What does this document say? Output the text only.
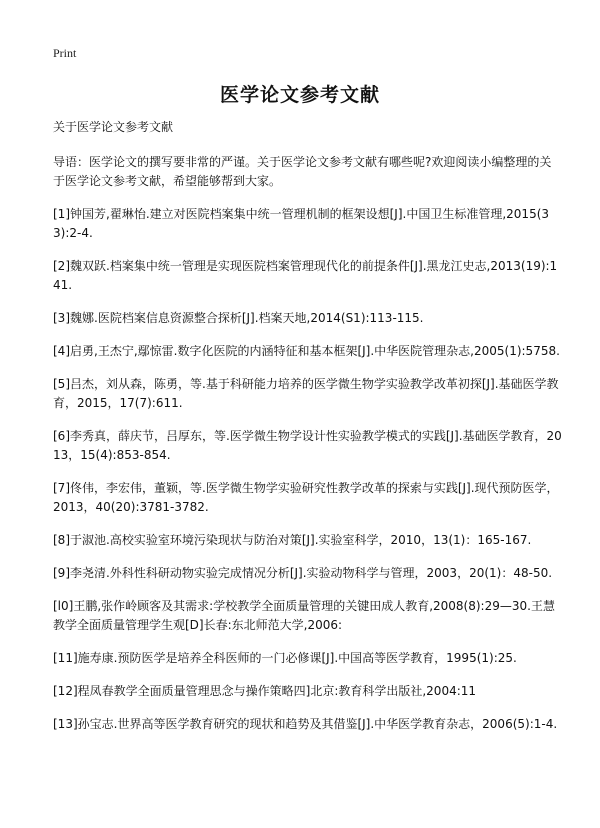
Print
医学论文参考文献

关于医学论文参考文献

导语：医学论文的撰写要非常的严谨。关于医学论文参考文献有哪些呢?欢迎阅读小编整理的关于医学论文参考文献，希望能够帮到大家。

[1]钟国芳,翟琳怡.建立对医院档案集中统一管理机制的框架设想[J].中国卫生标准管理,2015(33):2-4.
[2]魏双跃.档案集中统一管理是实现医院档案管理现代化的前提条件[J].黑龙江史志,2013(19):141.
[3]魏娜.医院档案信息资源整合探析[J].档案天地,2014(S1):113-115.
[4]启勇,王杰宁,鄢惊雷.数字化医院的内涵特征和基本框架[J].中华医院管理杂志,2005(1):5758.
[5]吕杰，刘从森，陈勇，等.基于科研能力培养的医学微生物学实验教学改革初探[J].基础医学教育，2015，17(7):611.
[6]李秀真，薛庆节，吕厚东，等.医学微生物学设计性实验教学模式的实践[J].基础医学教育，2013，15(4):853-854.
[7]佟伟，李宏伟，董颖，等.医学微生物学实验研究性教学改革的探索与实践[J].现代预防医学，2013，40(20):3781-3782.
[8]于淑池.高校实验室环境污染现状与防治对策[J].实验室科学，2010，13(1)：165-167.
[9]李尧清.外科性科研动物实验完成情况分析[J].实验动物科学与管理，2003，20(1)：48-50.
[l0]王鹏,张作岭顾客及其需求:学校教学全面质量管理的关键田成人教育,2008(8):29—30.王慧教学全面质量管理学生观[D]长春:东北师范大学,2006:
[11]施寿康.预防医学是培养全科医师的一门必修课[J].中国高等医学教育，1995(1):25.
[12]程凤春教学全面质量管理思念与操作策略四]北京:教育科学出版社,2004:11
[13]孙宝志.世界高等医学教育研究的现状和趋势及其借鉴[J].中华医学教育杂志，2006(5):1-4.
